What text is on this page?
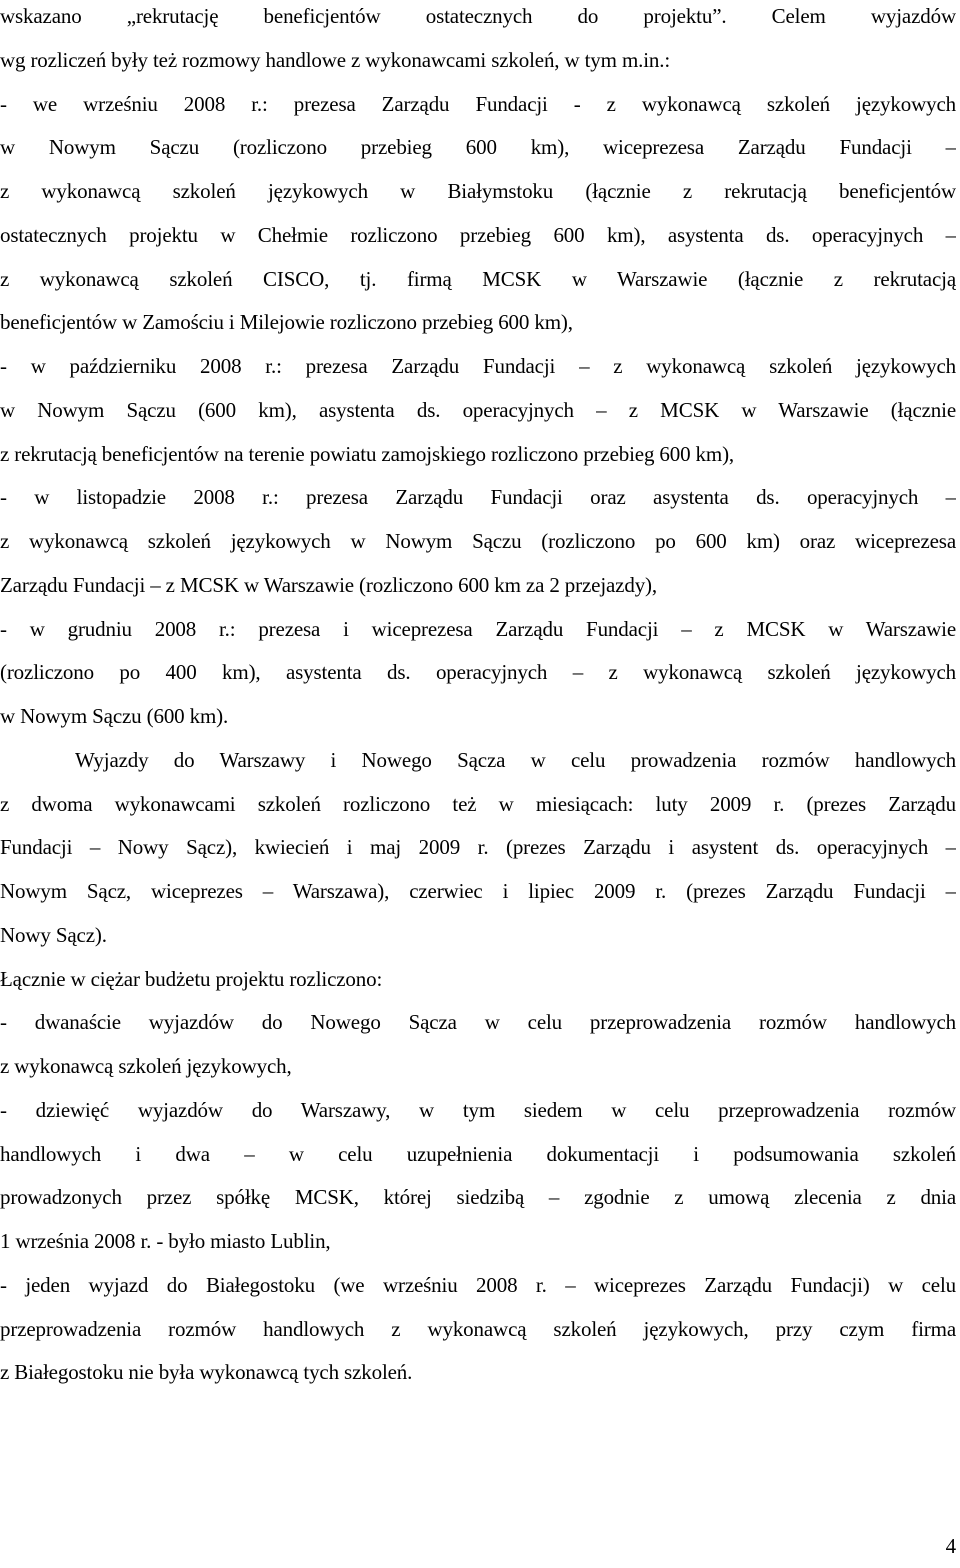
wskazano „rekrutację beneficjentów ostatecznych do projektu”. Celem wyjazdów
wg rozliczeń były też rozmowy handlowe z wykonawcami szkoleń, w tym m.in.:
- we wrześniu 2008 r.: prezesa Zarządu Fundacji - z wykonawcą szkoleń językowych
w Nowym Sączu (rozliczono przebieg 600 km), wiceprezesa Zarządu Fundacji –
z wykonawcą szkoleń językowych w Białymstoku (łącznie z rekrutacją beneficjentów
ostatecznych projektu w Chełmie rozliczono przebieg 600 km), asystenta ds. operacyjnych –
z wykonawcą szkoleń CISCO, tj. firmą MCSK w Warszawie (łącznie z rekrutacją
beneficjentów w Zamościu i Milejowie rozliczono przebieg 600 km),
- w październiku 2008 r.: prezesa Zarządu Fundacji – z wykonawcą szkoleń językowych
w Nowym Sączu (600 km), asystenta ds. operacyjnych – z MCSK w Warszawie (łącznie
z rekrutacją beneficjentów na terenie powiatu zamojskiego rozliczono przebieg 600 km),
- w listopadzie 2008 r.: prezesa Zarządu Fundacji oraz asystenta ds. operacyjnych –
z wykonawcą szkoleń językowych w Nowym Sączu (rozliczono po 600 km) oraz wiceprezesa
Zarządu Fundacji – z MCSK w Warszawie (rozliczono 600 km za 2 przejazdy),
- w grudniu 2008 r.: prezesa i wiceprezesa Zarządu Fundacji – z MCSK w Warszawie
(rozliczono po 400 km), asystenta ds. operacyjnych – z wykonawcą szkoleń językowych
w Nowym Sączu (600 km).
Wyjazdy do Warszawy i Nowego Sącza w celu prowadzenia rozmów handlowych
z dwoma wykonawcami szkoleń rozliczono też w miesiącach: luty 2009 r. (prezes Zarządu
Fundacji – Nowy Sącz), kwiecień i maj 2009 r. (prezes Zarządu i asystent ds. operacyjnych –
Nowym Sącz, wiceprezes – Warszawa), czerwiec i lipiec 2009 r. (prezes Zarządu Fundacji –
Nowy Sącz).
Łącznie w ciężar budżetu projektu rozliczono:
- dwanaście wyjazdów do Nowego Sącza w celu przeprowadzenia rozmów handlowych
z wykonawcą szkoleń językowych,
- dziewięć wyjazdów do Warszawy, w tym siedem w celu przeprowadzenia rozmów
handlowych i dwa – w celu uzupełnienia dokumentacji i podsumowania szkoleń
prowadzonych przez spółkę MCSK, której siedzibą – zgodnie z umową zlecenia z dnia
1 września 2008 r. - było miasto Lublin,
- jeden wyjazd do Białegostoku (we wrześniu 2008 r. – wiceprezes Zarządu Fundacji) w celu
przeprowadzenia rozmów handlowych z wykonawcą szkoleń językowych, przy czym firma
z Białegostoku nie była wykonawcą tych szkoleń.
4
